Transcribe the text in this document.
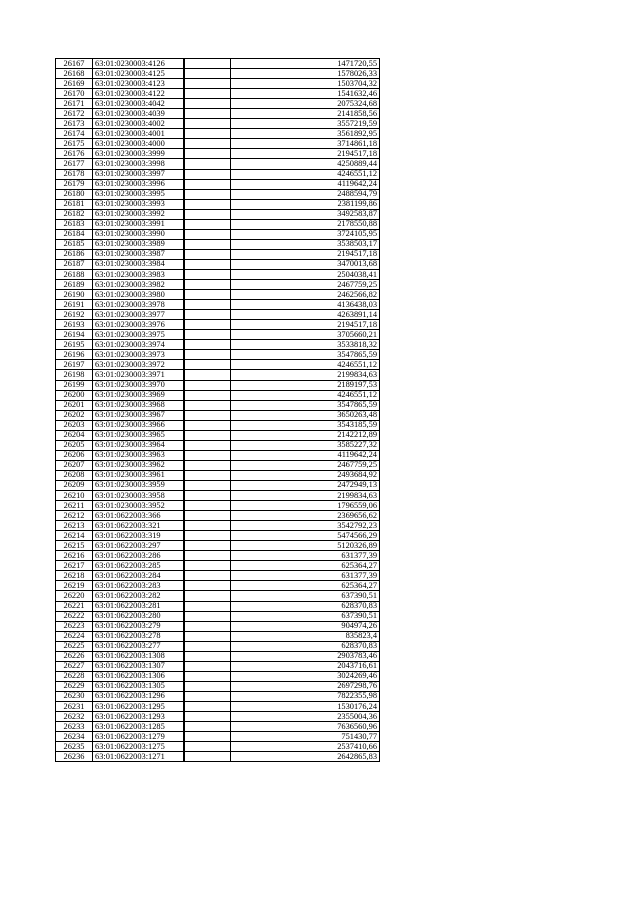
26167	63:01:0230003:4126		1471720,55
26168	63:01:0230003:4125		1578026,33
26169	63:01:0230003:4123		1503704,32
26170	63:01:0230003:4122		1541632,46
26171	63:01:0230003:4042		2075324,68
26172	63:01:0230003:4039		2141858,56
26173	63:01:0230003:4002		3557219,59
26174	63:01:0230003:4001		3561892,95
26175	63:01:0230003:4000		3714861,18
26176	63:01:0230003:3999		2194517,18
26177	63:01:0230003:3998		4250889,44
26178	63:01:0230003:3997		4246551,12
26179	63:01:0230003:3996		4119642,24
26180	63:01:0230003:3995		2488594,79
26181	63:01:0230003:3993		2381199,86
26182	63:01:0230003:3992		3492583,87
26183	63:01:0230003:3991		2178550,88
26184	63:01:0230003:3990		3724105,95
26185	63:01:0230003:3989		3538503,17
26186	63:01:0230003:3987		2194517,18
26187	63:01:0230003:3984		3470013,68
26188	63:01:0230003:3983		2504038,41
26189	63:01:0230003:3982		2467759,25
26190	63:01:0230003:3980		2462566,82
26191	63:01:0230003:3978		4136438,03
26192	63:01:0230003:3977		4263891,14
26193	63:01:0230003:3976		2194517,18
26194	63:01:0230003:3975		3705660,21
26195	63:01:0230003:3974		3533818,32
26196	63:01:0230003:3973		3547865,59
26197	63:01:0230003:3972		4246551,12
26198	63:01:0230003:3971		2199834,63
26199	63:01:0230003:3970		2189197,53
26200	63:01:0230003:3969		4246551,12
26201	63:01:0230003:3968		3547865,59
26202	63:01:0230003:3967		3650263,48
26203	63:01:0230003:3966		3543185,59
26204	63:01:0230003:3965		2142212,89
26205	63:01:0230003:3964		3585227,32
26206	63:01:0230003:3963		4119642,24
26207	63:01:0230003:3962		2467759,25
26208	63:01:0230003:3961		2493684,92
26209	63:01:0230003:3959		2472949,13
26210	63:01:0230003:3958		2199834,63
26211	63:01:0230003:3952		1796559,06
26212	63:01:0622003:366		2369656,62
26213	63:01:0622003:321		3542792,23
26214	63:01:0622003:319		5474566,29
26215	63:01:0622003:297		5120326,89
26216	63:01:0622003:286		631377,39
26217	63:01:0622003:285		625364,27
26218	63:01:0622003:284		631377,39
26219	63:01:0622003:283		625364,27
26220	63:01:0622003:282		637390,51
26221	63:01:0622003:281		628370,83
26222	63:01:0622003:280		637390,51
26223	63:01:0622003:279		904974,26
26224	63:01:0622003:278		835823,4
26225	63:01:0622003:277		628370,83
26226	63:01:0622003:1308		2903783,46
26227	63:01:0622003:1307		2043716,61
26228	63:01:0622003:1306		3024269,46
26229	63:01:0622003:1305		2697298,76
26230	63:01:0622003:1296		7822355,98
26231	63:01:0622003:1295		1530176,24
26232	63:01:0622003:1293		2355004,36
26233	63:01:0622003:1285		7636560,96
26234	63:01:0622003:1279		751430,77
26235	63:01:0622003:1275		2537410,66
26236	63:01:0622003:1271		2642865,83
